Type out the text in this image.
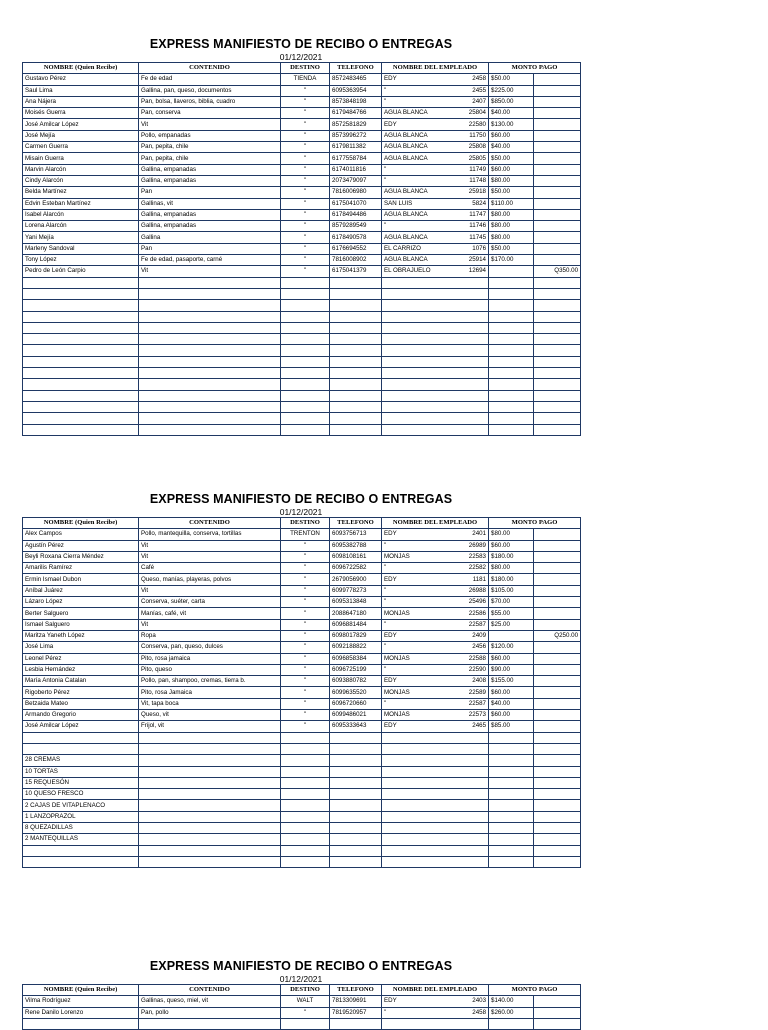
EXPRESS MANIFIESTO DE RECIBO O ENTREGAS
01/12/2021
NOMBRE (Quien Recibe)	CONTENIDO	DESTINO	TELEFONO	NOMBRE DEL EMPLEADO		MONTO PAGO	
Gustavo Pérez	Fe de edad	TIENDA	8572483465	EDY	2458	$50.00	
Saul Lima	Gallina, pan, queso, documentos	"	6095363954	"	2455	$225.00	
Ana Nájera	Pan, bolsa, llaveros, biblia, cuadro	"	8573848198	"	2407	$850.00	
Moisés Guerra	Pan, conserva	"	6179484766	AGUA BLANCA	25804	$40.00	
José Amilcar López	Vit	"	8572581829	EDY	22580	$130.00	
José Mejía	Pollo, empanadas	"	8573996272	AGUA BLANCA	11750	$60.00	
Carmen Guerra	Pan, pepita, chile	"	6179811382	AGUA BLANCA	25808	$40.00	
Misain Guerra	Pan, pepita, chile	"	6177558784	AGUA BLANCA	25805	$50.00	
Marvin Alarcón	Gallina, empanadas	"	6174011816	"	11749	$60.00	
Cindy Alarcón	Gallina, empanadas	"	2073479097	"	11748	$80.00	
Belda Martínez	Pan	"	7816006980	AGUA BLANCA	25918	$50.00	
Edvin Esteban Martínez	Gallinas, vit	"	6175041070	SAN LUIS	5824	$110.00	
Isabel Alarcón	Gallina, empanadas	"	6178494486	AGUA BLANCA	11747	$80.00	
Lorena Alarcón	Gallina, empanadas	"	8579289549	"	11746	$80.00	
Yani Mejía	Gallina	"	6178490578	AGUA BLANCA	11745	$80.00	
Marleny Sandoval	Pan	"	6176694552	EL CARRIZO	1076	$50.00	
Tony López	Fe de edad, pasaporte, carné	"	7816008902	AGUA BLANCA	25914	$170.00	
Pedro de León Carpio	Vit	"	6175041379	EL OBRAJUELO	12694		Q350.00

EXPRESS MANIFIESTO DE RECIBO O ENTREGAS
01/12/2021
NOMBRE (Quien Recibe)	CONTENIDO	DESTINO	TELEFONO	NOMBRE DEL EMPLEADO		MONTO PAGO	
Alex Campos	Pollo, mantequilla, conserva, tortillas	TRENTON	6093756713	EDY	2401	$80.00	
Agustín Pérez	Vit	"	6095382788	"	26989	$60.00	
Beyli Roxana Cierra Méndez	Vit	"	6098108161	MONJAS	22583	$180.00	
Amarilis Ramírez	Café	"	6096722582	"	22582	$80.00	
Ermin Ismael Dubon	Queso, manías, playeras, polvos	"	2679056900	EDY	1181	$180.00	
Aníbal Juárez	Vit	"	6099778273	"	26988	$105.00	
Lázaro López	Conserva, suéter, carta	"	6095313848	"	25496	$70.00	
Berter Salguero	Manías, café, vit	"	2088647180	MONJAS	22586	$55.00	
Ismael Salguero	Vit	"	6096881484	"	22587	$25.00	
Maritza Yaneth López	Ropa	"	6098017829	EDY	2409		Q250.00
José Lima	Conserva, pan, queso, dulces	"	6092188822	"	2456	$120.00	
Leonel Pérez	Pito, rosa jamaica	"	6096858384	MONJAS	22588	$60.00	
Lesbia Hernández	Pito, queso	"	6096725199	"	22590	$90.00	
María Antonia Catalan	Pollo, pan, shampoo, cremas, tierra b.	"	6093880782	EDY	2408	$155.00	
Rigoberto Pérez	Pito, rosa Jamaica	"	6099635520	MONJAS	22589	$60.00	
Betzaida Mateo	Vit, tapa boca	"	6096720660	"	22587	$40.00	
Armando Gregorio	Queso, vit	"	6099486021	MONJAS	22573	$60.00	
José Amilcar López	Frijol, vit	"	6095333643	EDY	2465	$85.00	

28 CREMAS							
10 TORTAS							
15 REQUESÓN							
10 QUESO FRESCO							
2 CAJAS DE VITAPLENACO							
1 LANZOPRAZOL							
8 QUEZADILLAS							
2 MANTEQUILLAS							

EXPRESS MANIFIESTO DE RECIBO O ENTREGAS
01/12/2021
NOMBRE (Quien Recibe)	CONTENIDO	DESTINO	TELEFONO	NOMBRE DEL EMPLEADO		MONTO PAGO	
Vilma Rodríguez	Gallinas, queso, miel, vit	WALT	7813309691	EDY	2403	$140.00	
Rene Danilo Lorenzo	Pan, pollo	"	7819520957	"	2458	$260.00	
